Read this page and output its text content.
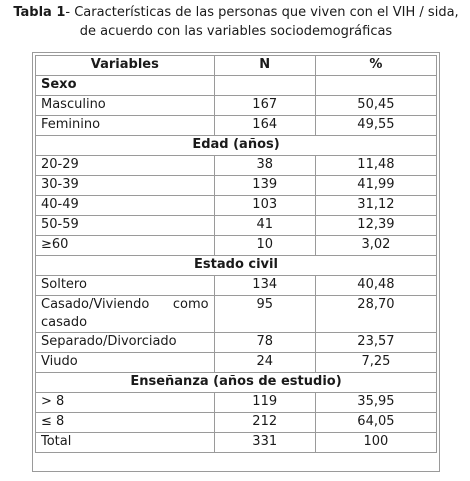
Tabla 1- Características de las personas que viven con el VIH / sida,
de acuerdo con las variables sociodemográficas
Variables	N	%
Sexo		
Masculino	167	50,45
Feminino	164	49,55
Edad (años)		
20-29	38	11,48
30-39	139	41,99
40-49	103	31,12
50-59	41	12,39
≥60	10	3,02
Estado civil		
Soltero	134	40,48
Casado/Viviendo como casado	95	28,70
Separado/Divorciado	78	23,57
Viudo	24	7,25
Enseñanza (años de estudio)		
> 8	119	35,95
≤ 8	212	64,05
Total	331	100
